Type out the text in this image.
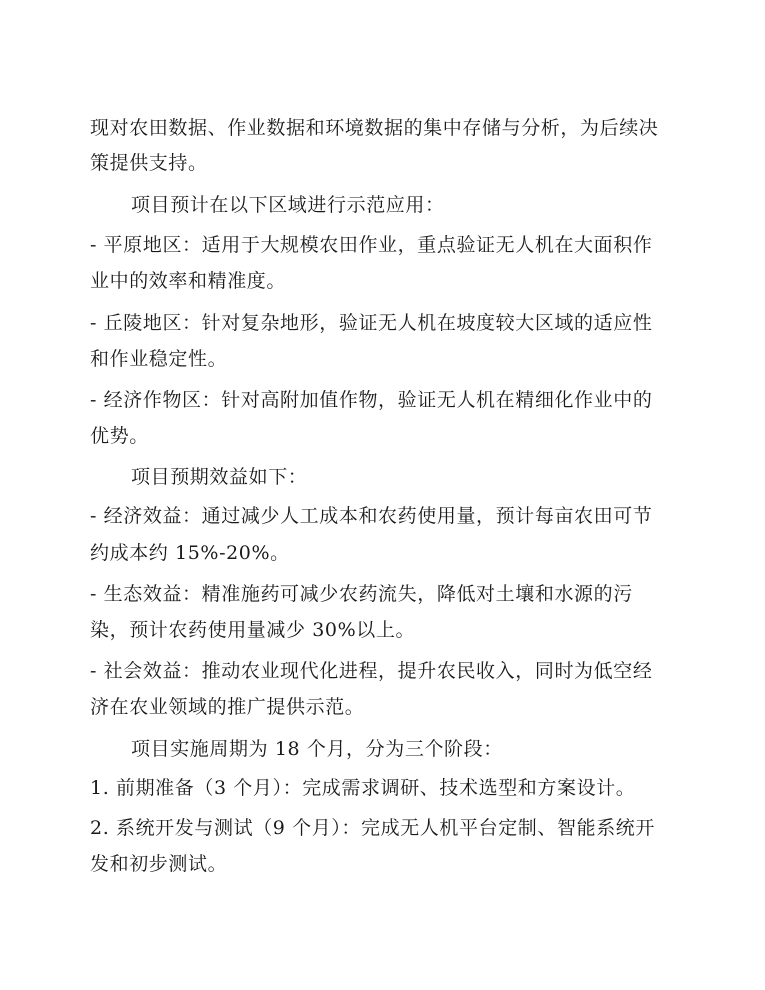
现对农田数据、作业数据和环境数据的集中存储与分析，为后续决
策提供支持。
项目预计在以下区域进行示范应用：
- 平原地区：适用于大规模农田作业，重点验证无人机在大面积作
业中的效率和精准度。
- 丘陵地区：针对复杂地形，验证无人机在坡度较大区域的适应性
和作业稳定性。
- 经济作物区：针对高附加值作物，验证无人机在精细化作业中的
优势。
项目预期效益如下：
- 经济效益：通过减少人工成本和农药使用量，预计每亩农田可节
约成本约 15%-20%。
- 生态效益：精准施药可减少农药流失，降低对土壤和水源的污
染，预计农药使用量减少 30%以上。
- 社会效益：推动农业现代化进程，提升农民收入，同时为低空经
济在农业领域的推广提供示范。
项目实施周期为 18 个月，分为三个阶段：
1. 前期准备（3 个月）：完成需求调研、技术选型和方案设计。
2. 系统开发与测试（9 个月）：完成无人机平台定制、智能系统开
发和初步测试。
